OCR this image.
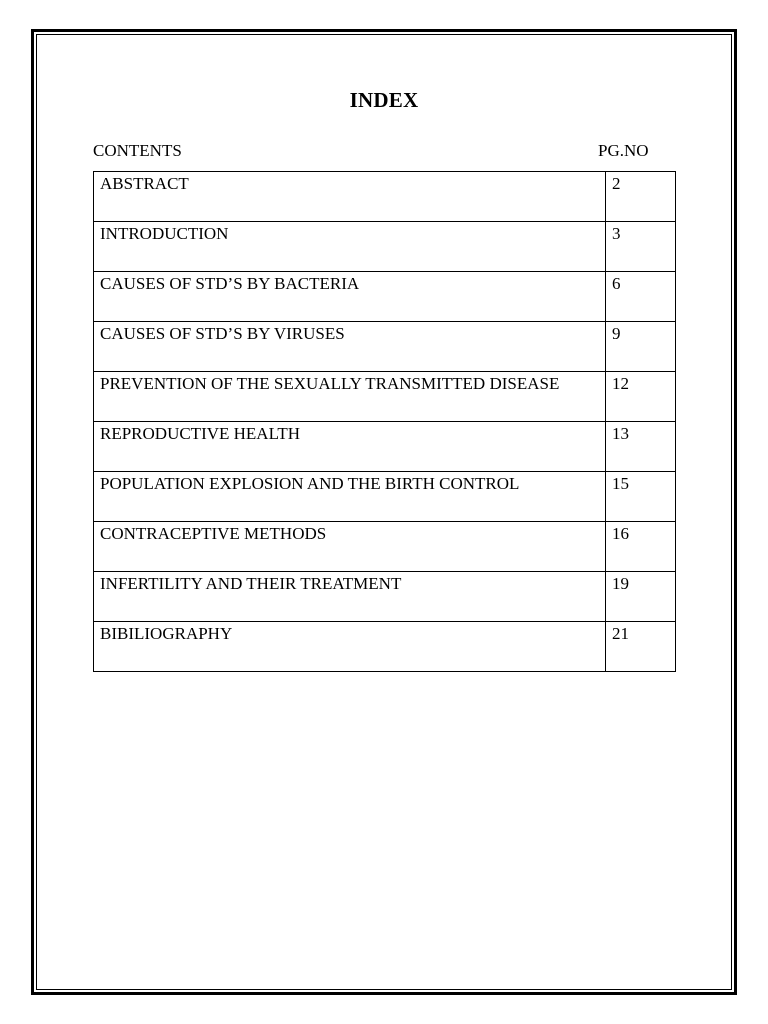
INDEX
CONTENTS	PG.NO
ABSTRACT	2
INTRODUCTION	3
CAUSES OF STD’S BY BACTERIA	6
CAUSES OF STD’S BY VIRUSES	9
PREVENTION OF THE SEXUALLY TRANSMITTED DISEASE	12
REPRODUCTIVE HEALTH	13
POPULATION EXPLOSION AND THE BIRTH CONTROL	15
CONTRACEPTIVE METHODS	16
INFERTILITY AND THEIR TREATMENT	19
BIBILIOGRAPHY	21
